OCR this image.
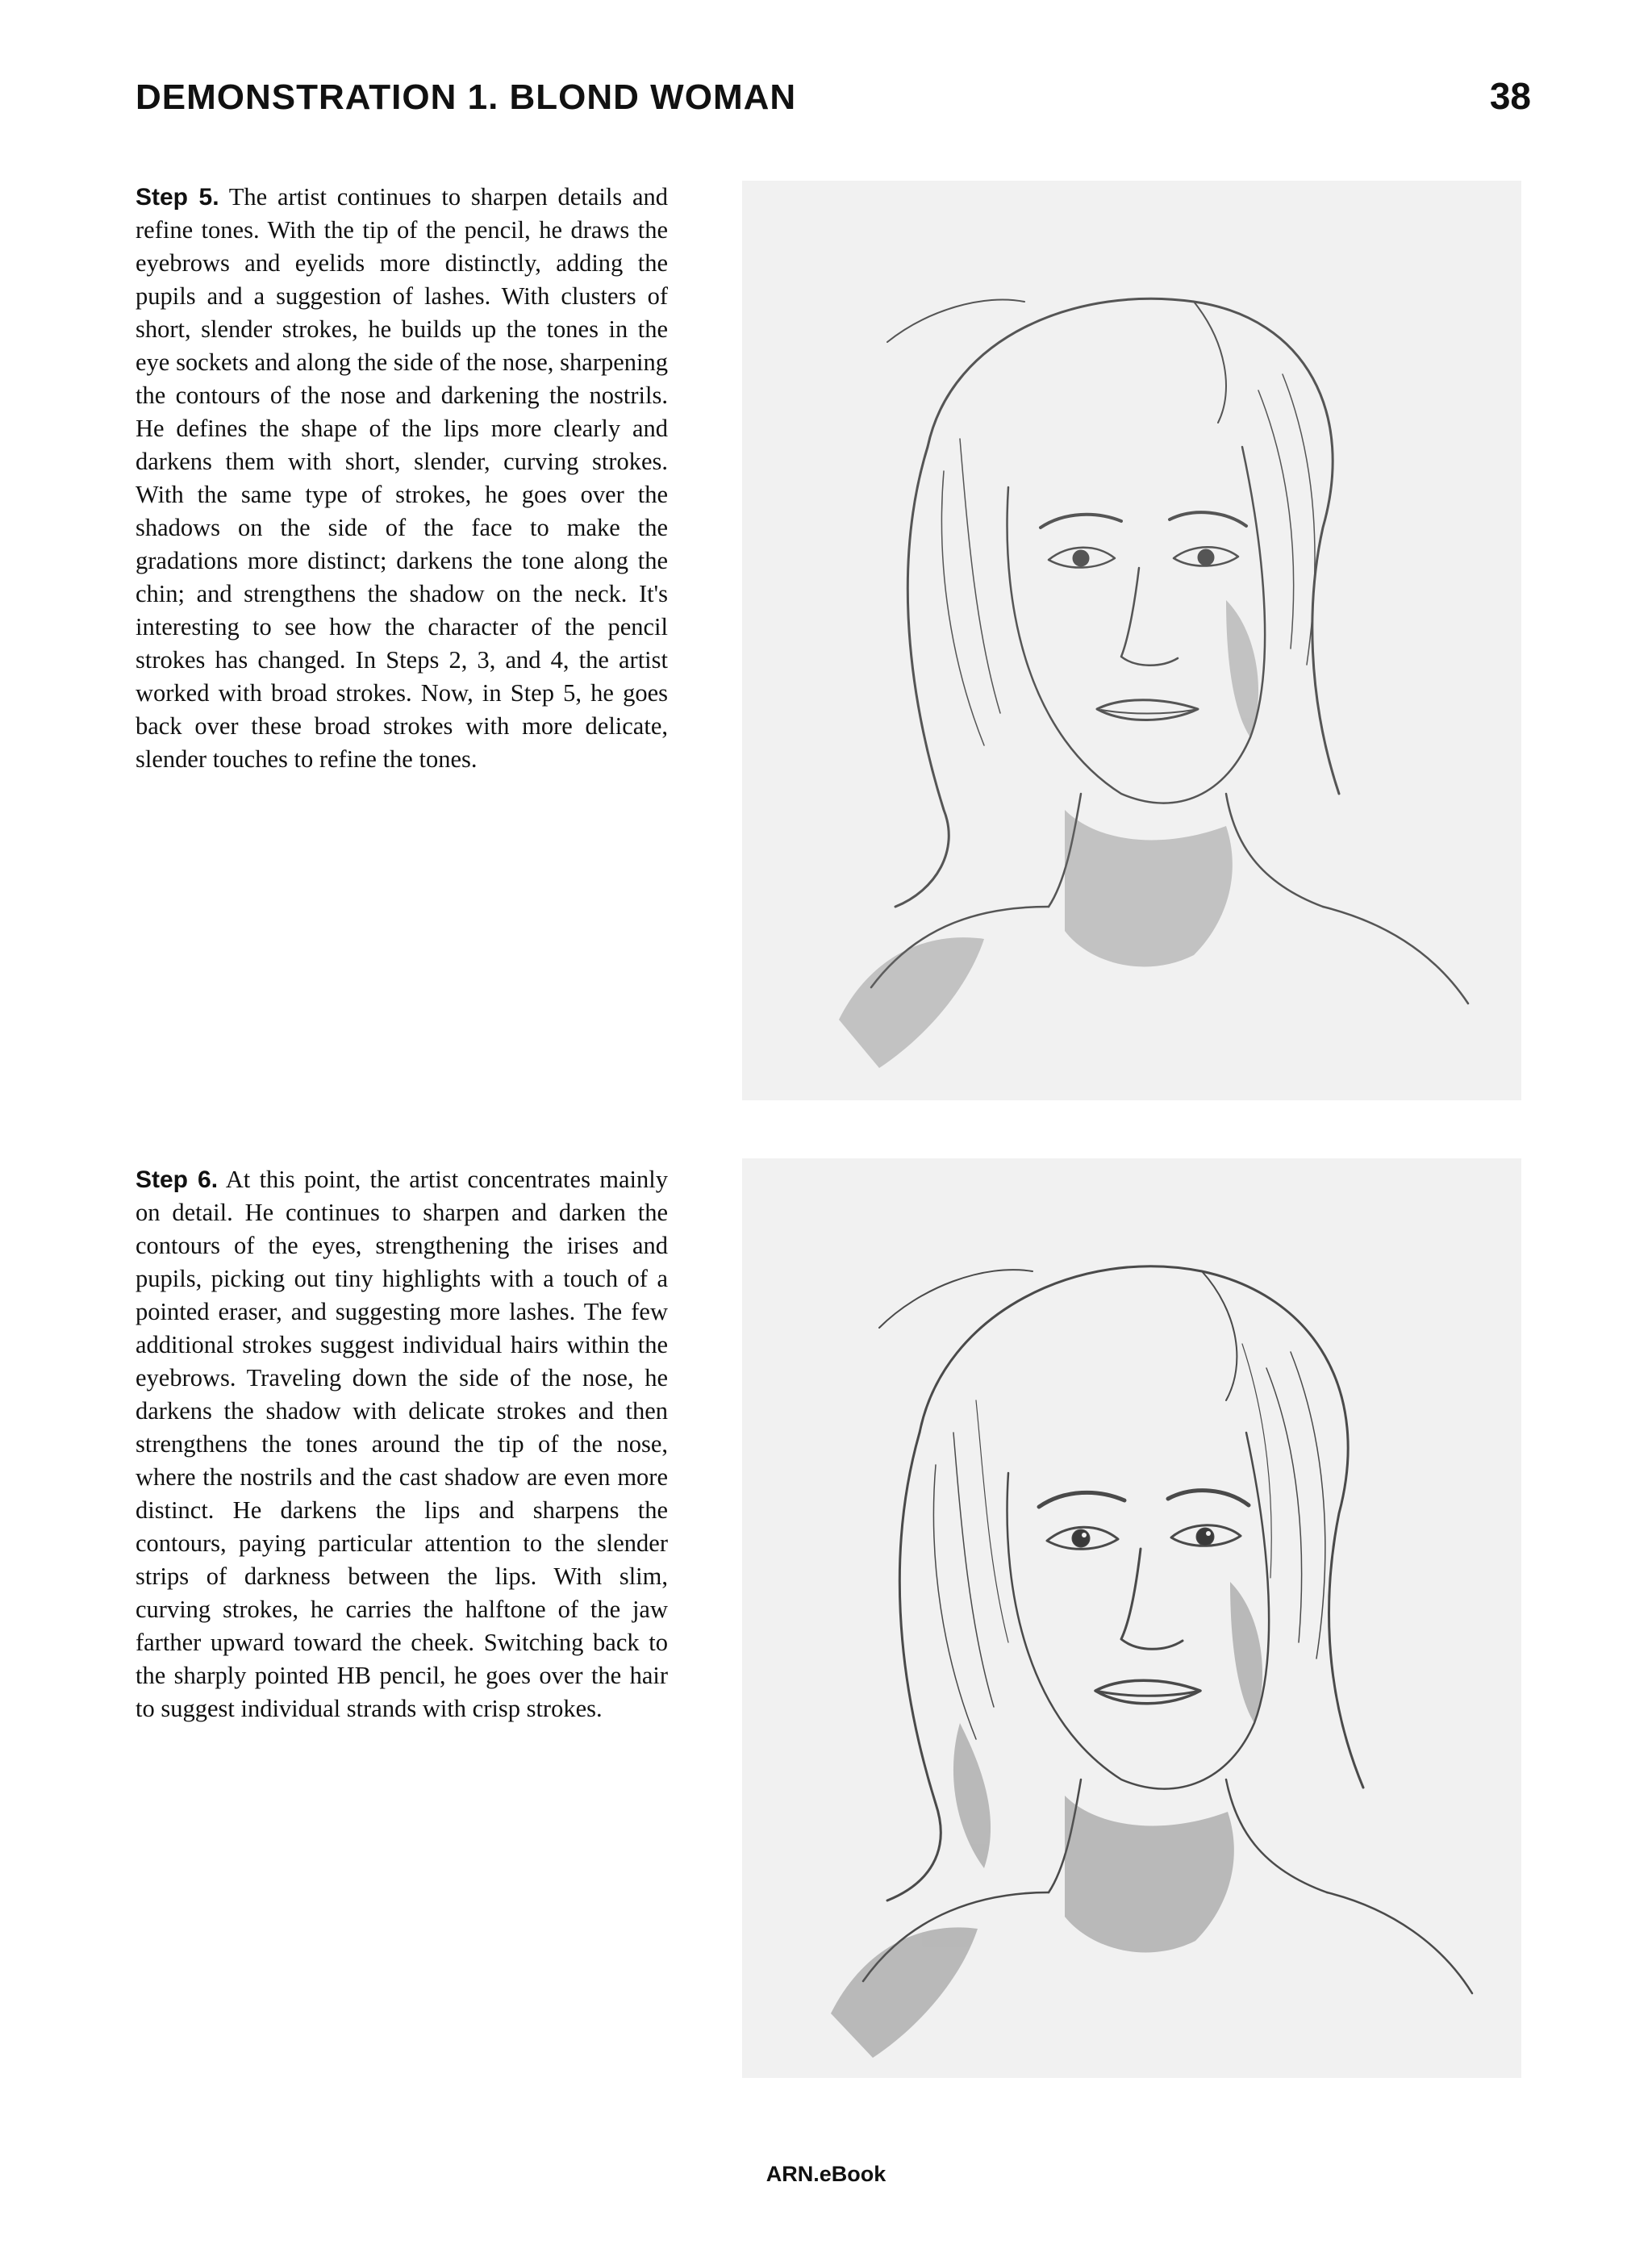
DEMONSTRATION 1. BLOND WOMAN	38
Step 5. The artist continues to sharpen details and refine tones. With the tip of the pencil, he draws the eyebrows and eyelids more distinctly, adding the pupils and a suggestion of lashes. With clusters of short, slender strokes, he builds up the tones in the eye sockets and along the side of the nose, sharpening the contours of the nose and darkening the nostrils. He defines the shape of the lips more clearly and darkens them with short, slender, curving strokes. With the same type of strokes, he goes over the shadows on the side of the face to make the gradations more distinct; darkens the tone along the chin; and strengthens the shadow on the neck. It's interesting to see how the character of the pencil strokes has changed. In Steps 2, 3, and 4, the artist worked with broad strokes. Now, in Step 5, he goes back over these broad strokes with more delicate, slender touches to refine the tones.
Step 6. At this point, the artist concentrates mainly on detail. He continues to sharpen and darken the contours of the eyes, strengthening the irises and pupils, picking out tiny highlights with a touch of a pointed eraser, and suggesting more lashes. The few additional strokes suggest individual hairs within the eyebrows. Traveling down the side of the nose, he darkens the shadow with delicate strokes and then strengthens the tones around the tip of the nose, where the nostrils and the cast shadow are even more distinct. He darkens the lips and sharpens the contours, paying particular attention to the slender strips of darkness between the lips. With slim, curving strokes, he carries the halftone of the jaw farther upward toward the cheek. Switching back to the sharply pointed HB pencil, he goes over the hair to suggest individual strands with crisp strokes.
ARN.eBook
